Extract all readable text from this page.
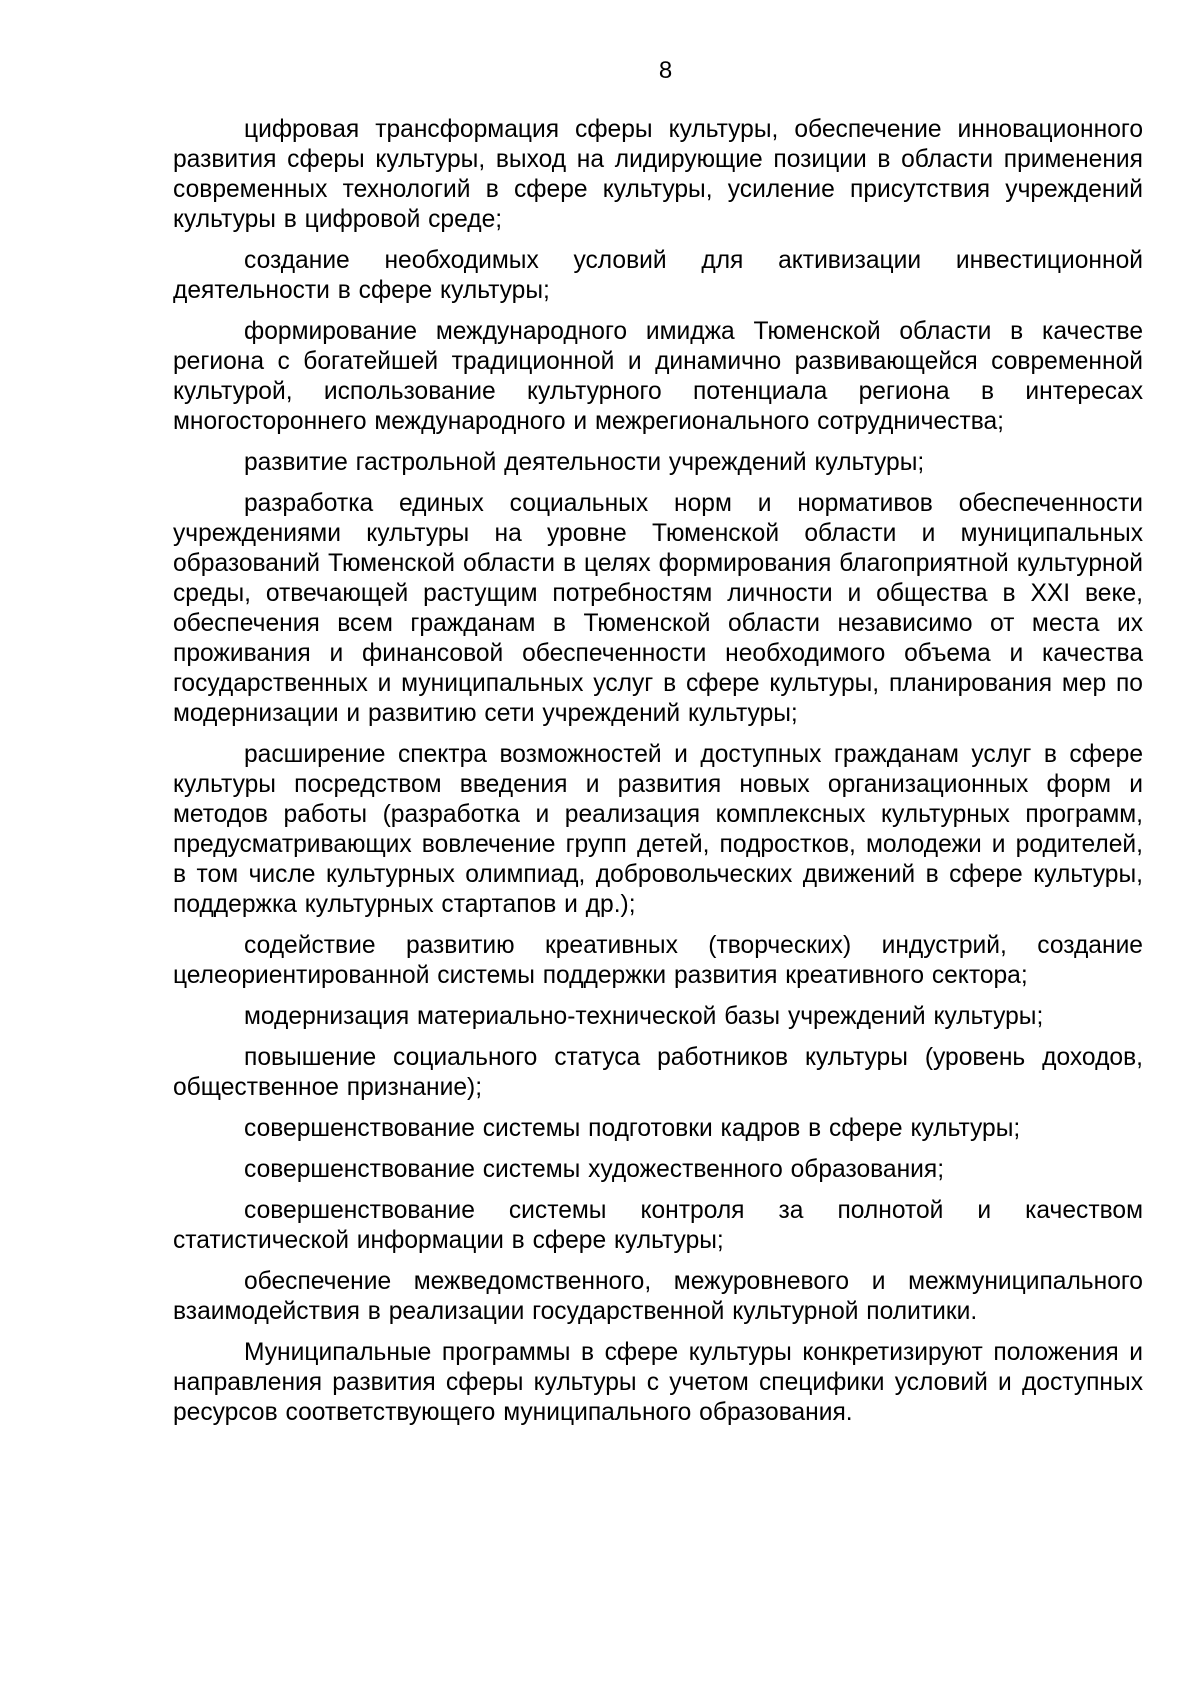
8

цифровая трансформация сферы культуры, обеспечение инновационного развития сферы культуры, выход на лидирующие позиции в области применения современных технологий в сфере культуры, усиление присутствия учреждений культуры в цифровой среде;

создание необходимых условий для активизации инвестиционной деятельности в сфере культуры;

формирование международного имиджа Тюменской области в качестве региона с богатейшей традиционной и динамично развивающейся современной культурой, использование культурного потенциала региона в интересах многостороннего международного и межрегионального сотрудничества;

развитие гастрольной деятельности учреждений культуры;

разработка единых социальных норм и нормативов обеспеченности учреждениями культуры на уровне Тюменской области и муниципальных образований Тюменской области в целях формирования благоприятной культурной среды, отвечающей растущим потребностям личности и общества в XXI веке, обеспечения всем гражданам в Тюменской области независимо от места их проживания и финансовой обеспеченности необходимого объема и качества государственных и муниципальных услуг в сфере культуры, планирования мер по модернизации и развитию сети учреждений культуры;

расширение спектра возможностей и доступных гражданам услуг в сфере культуры посредством введения и развития новых организационных форм и методов работы (разработка и реализация комплексных культурных программ, предусматривающих вовлечение групп детей, подростков, молодежи и родителей, в том числе культурных олимпиад, добровольческих движений в сфере культуры, поддержка культурных стартапов и др.);

содействие развитию креативных (творческих) индустрий, создание целеориентированной системы поддержки развития креативного сектора;

модернизация материально-технической базы учреждений культуры;

повышение социального статуса работников культуры (уровень доходов, общественное признание);

совершенствование системы подготовки кадров в сфере культуры;

совершенствование системы художественного образования;

совершенствование системы контроля за полнотой и качеством статистической информации в сфере культуры;

обеспечение межведомственного, межуровневого и межмуниципального взаимодействия в реализации государственной культурной политики.

Муниципальные программы в сфере культуры конкретизируют положения и направления развития сферы культуры с учетом специфики условий и доступных ресурсов соответствующего муниципального образования.
